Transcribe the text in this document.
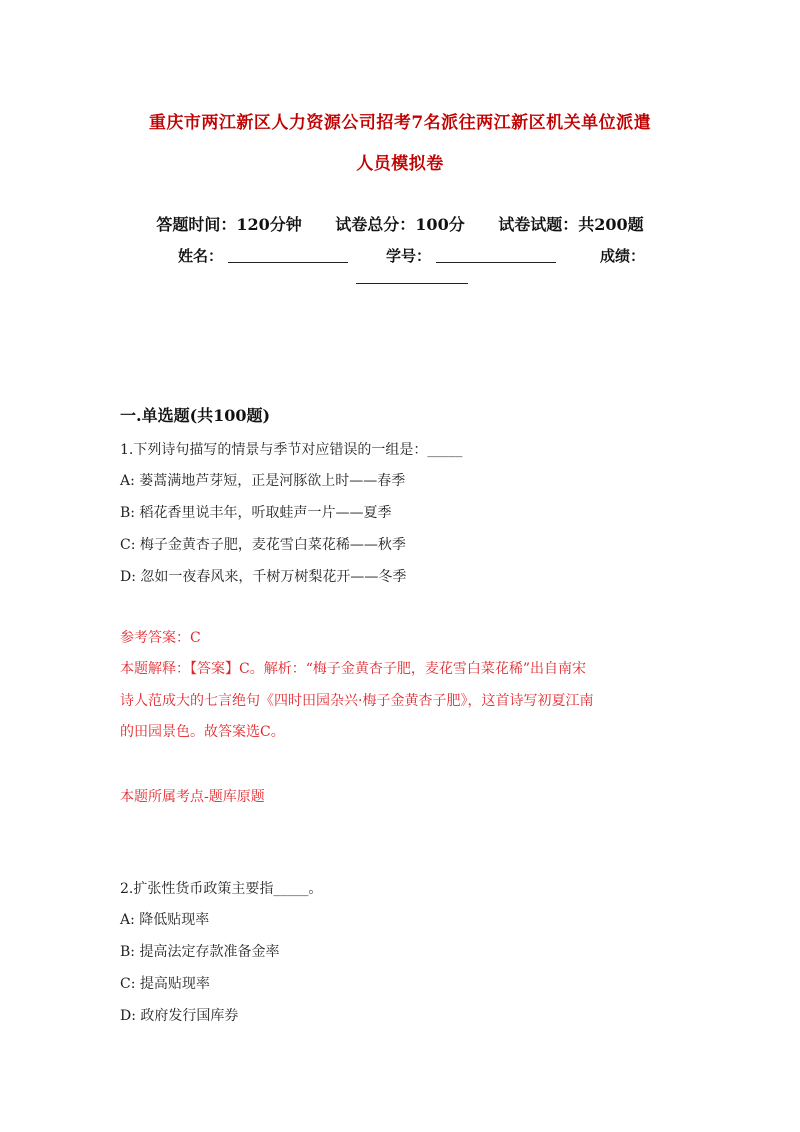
重庆市两江新区人力资源公司招考7名派往两江新区机关单位派遣
人员模拟卷
答题时间：120分钟 试卷总分：100分 试卷试题：共200题
姓名：	学号：	成绩：
一.单选题(共100题)
1.下列诗句描写的情景与季节对应错误的一组是：_____
A: 蒌蒿满地芦芽短，正是河豚欲上时——春季
B: 稻花香里说丰年，听取蛙声一片——夏季
C: 梅子金黄杏子肥，麦花雪白菜花稀——秋季
D: 忽如一夜春风来，千树万树梨花开——冬季
参考答案：C
本题解释：【答案】C。解析：“梅子金黄杏子肥，麦花雪白菜花稀”出自南宋
诗人范成大的七言绝句《四时田园杂兴·梅子金黄杏子肥》，这首诗写初夏江南
的田园景色。故答案选C。
本题所属考点-题库原题
2.扩张性货币政策主要指_____。
A: 降低贴现率
B: 提高法定存款准备金率
C: 提高贴现率
D: 政府发行国库券
